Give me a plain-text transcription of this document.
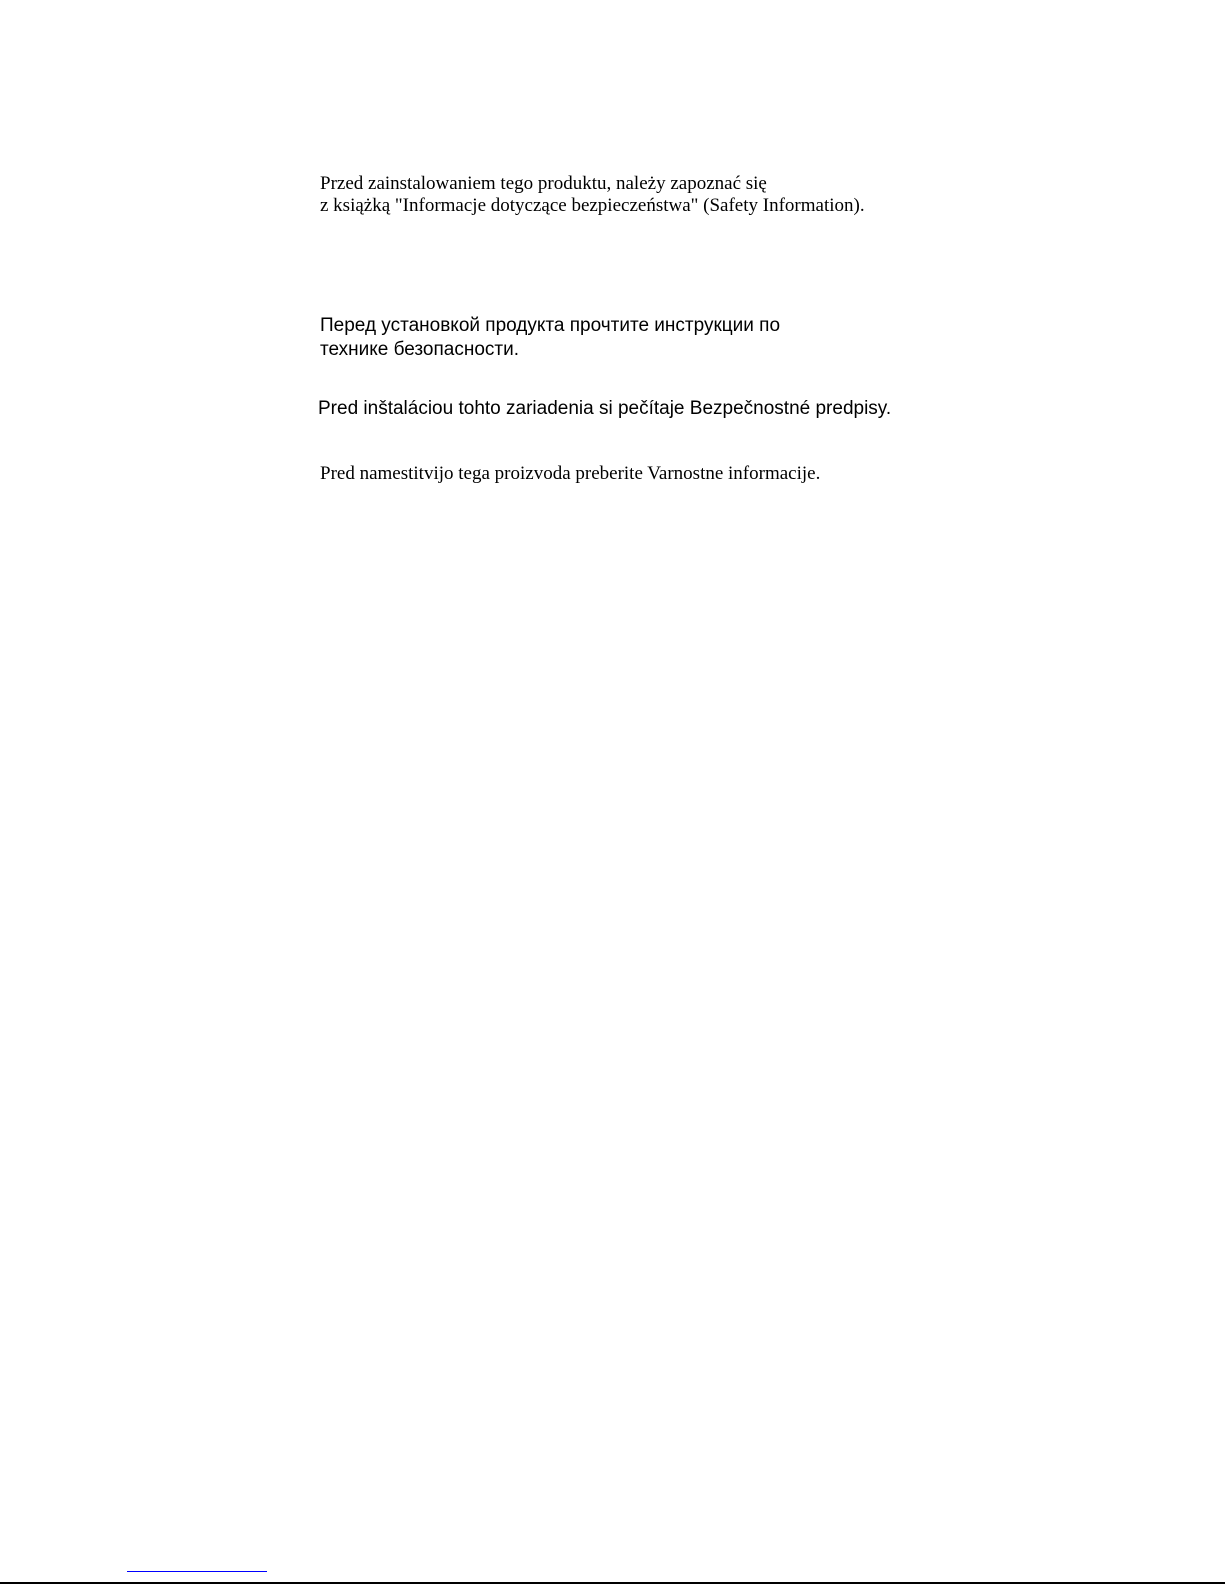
Przed zainstalowaniem tego produktu, należy zapoznać się
z książką "Informacje dotyczące bezpieczeństwa" (Safety Information).

Перед установкой продукта прочтите инструкции по
технике безопасности.

Pred inštaláciou tohto zariadenia si pečítaje Bezpečnostné predpisy.

Pred namestitvijo tega proizvoda preberite Varnostne informacije.
